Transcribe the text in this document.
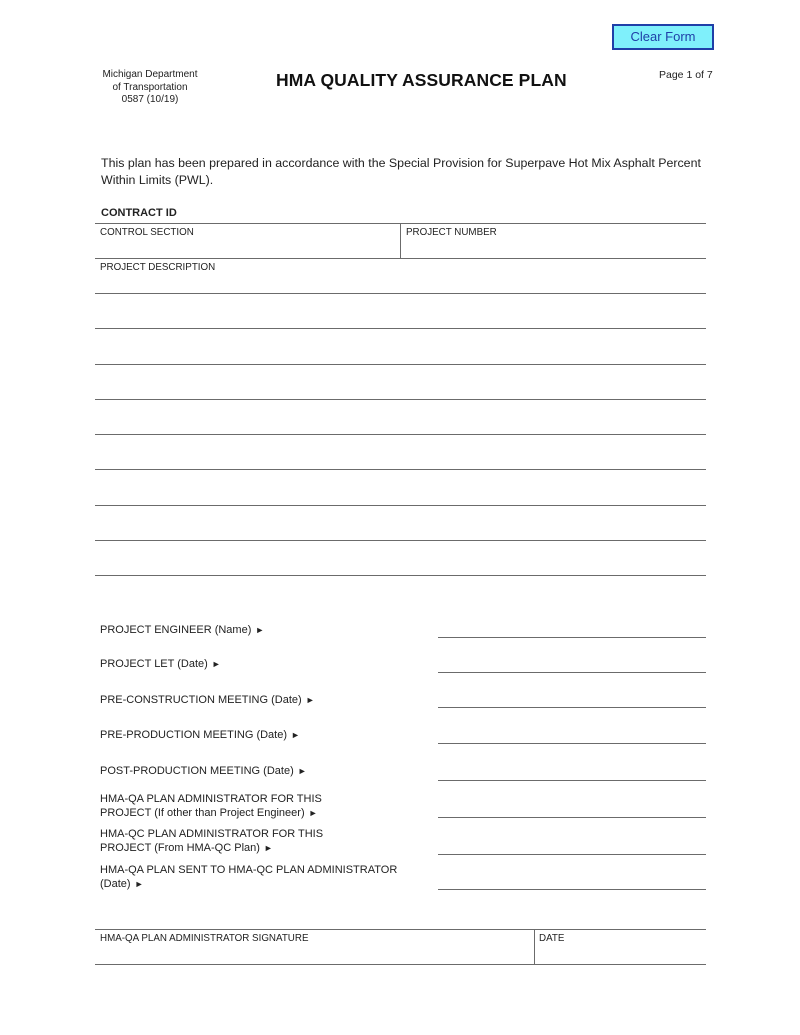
Clear Form
Michigan Department
of Transportation
0587 (10/19)
HMA QUALITY ASSURANCE PLAN	Page 1 of 7
This plan has been prepared in accordance with the Special Provision for Superpave Hot Mix Asphalt Percent Within Limits (PWL).
CONTRACT ID
CONTROL SECTION	PROJECT NUMBER
PROJECT DESCRIPTION
PROJECT ENGINEER (Name) ►
PROJECT LET (Date) ►
PRE-CONSTRUCTION MEETING (Date) ►
PRE-PRODUCTION MEETING (Date) ►
POST-PRODUCTION MEETING (Date) ►
HMA-QA PLAN ADMINISTRATOR FOR THIS
PROJECT (If other than Project Engineer) ►
HMA-QC PLAN ADMINISTRATOR FOR THIS
PROJECT (From HMA-QC Plan) ►
HMA-QA PLAN SENT TO HMA-QC PLAN ADMINISTRATOR
(Date) ►
HMA-QA PLAN ADMINISTRATOR SIGNATURE	DATE
